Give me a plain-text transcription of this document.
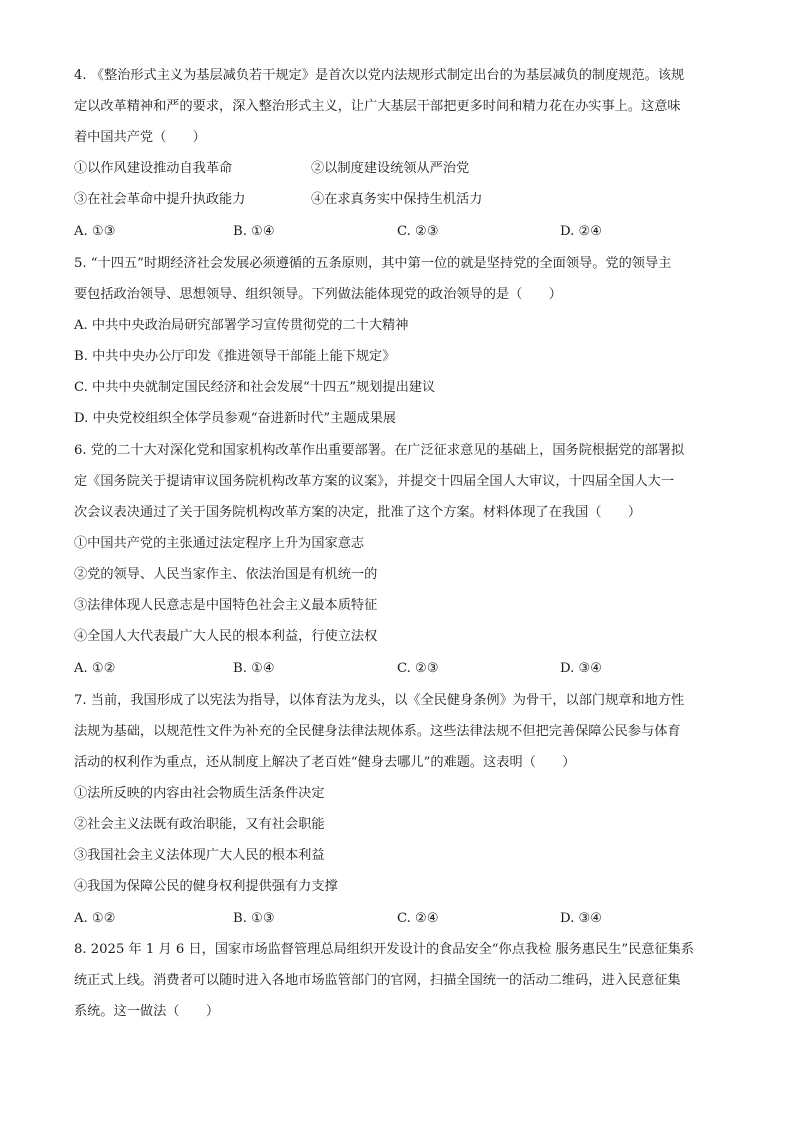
4. 《整治形式主义为基层减负若干规定》是首次以党内法规形式制定出台的为基层减负的制度规范。该规
定以改革精神和严的要求，深入整治形式主义，让广大基层干部把更多时间和精力花在办实事上。这意味
着中国共产党（　　）
①以作风建设推动自我革命	②以制度建设统领从严治党
③在社会革命中提升执政能力	④在求真务实中保持生机活力
A. ①③	B. ①④	C. ②③	D. ②④
5. “十四五”时期经济社会发展必须遵循的五条原则，其中第一位的就是坚持党的全面领导。党的领导主
要包括政治领导、思想领导、组织领导。下列做法能体现党的政治领导的是（　　）
A. 中共中央政治局研究部署学习宣传贯彻党的二十大精神
B. 中共中央办公厅印发《推进领导干部能上能下规定》
C. 中共中央就制定国民经济和社会发展“十四五”规划提出建议
D. 中央党校组织全体学员参观“奋进新时代”主题成果展
6. 党的二十大对深化党和国家机构改革作出重要部署。在广泛征求意见的基础上，国务院根据党的部署拟
定《国务院关于提请审议国务院机构改革方案的议案》，并提交十四届全国人大审议，十四届全国人大一
次会议表决通过了关于国务院机构改革方案的决定，批准了这个方案。材料体现了在我国（　　）
①中国共产党的主张通过法定程序上升为国家意志
②党的领导、人民当家作主、依法治国是有机统一的
③法律体现人民意志是中国特色社会主义最本质特征
④全国人大代表最广大人民的根本利益，行使立法权
A. ①②	B. ①④	C. ②③	D. ③④
7. 当前，我国形成了以宪法为指导，以体育法为龙头，以《全民健身条例》为骨干，以部门规章和地方性
法规为基础，以规范性文件为补充的全民健身法律法规体系。这些法律法规不但把完善保障公民参与体育
活动的权利作为重点，还从制度上解决了老百姓“健身去哪儿”的难题。这表明（　　）
①法所反映的内容由社会物质生活条件决定
②社会主义法既有政治职能，又有社会职能
③我国社会主义法体现广大人民的根本利益
④我国为保障公民的健身权利提供强有力支撑
A. ①②	B. ①③	C. ②④	D. ③④
8. 2025 年 1 月 6 日，国家市场监督管理总局组织开发设计的食品安全“你点我检 服务惠民生”民意征集系
统正式上线。消费者可以随时进入各地市场监管部门的官网，扫描全国统一的活动二维码，进入民意征集
系统。这一做法（　　）
